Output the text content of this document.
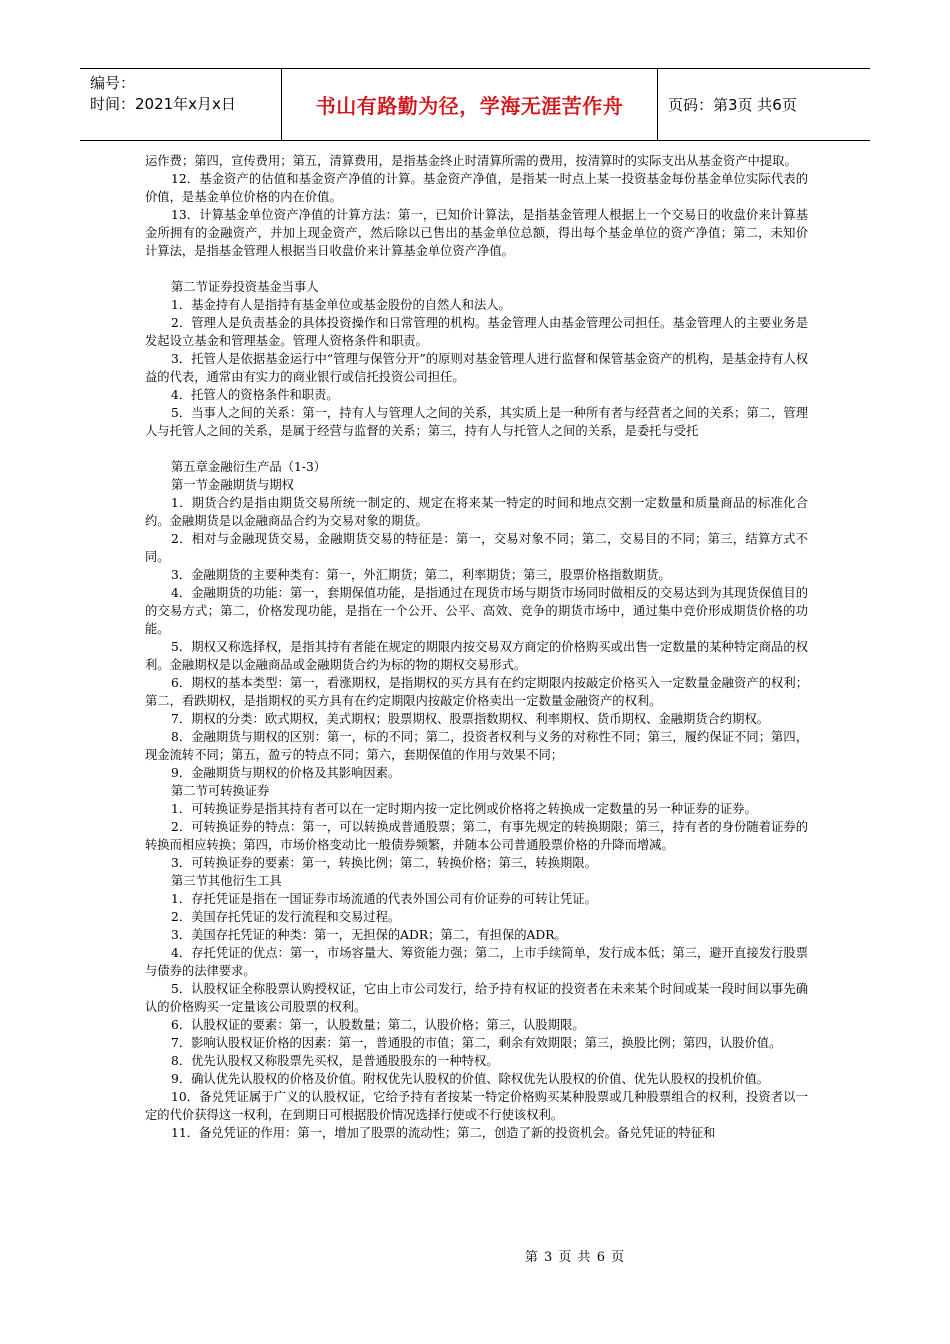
编号：
时间：2021年x月x日	书山有路勤为径，学海无涯苦作舟	页码：第3页 共6页

运作费；第四，宣传费用；第五，清算费用，是指基金终止时清算所需的费用，按清算时的实际支出从基金资产中提取。

12．基金资产的估值和基金资产净值的计算。基金资产净值，是指某一时点上某一投资基金每份基金单位实际代表的价值，是基金单位价格的内在价值。

13．计算基金单位资产净值的计算方法：第一，已知价计算法，是指基金管理人根据上一个交易日的收盘价来计算基金所拥有的金融资产，并加上现金资产，然后除以已售出的基金单位总额，得出每个基金单位的资产净值；第二，未知价计算法，是指基金管理人根据当日收盘价来计算基金单位资产净值。

第二节证券投资基金当事人

1．基金持有人是指持有基金单位或基金股份的自然人和法人。

2．管理人是负责基金的具体投资操作和日常管理的机构。基金管理人由基金管理公司担任。基金管理人的主要业务是发起设立基金和管理基金。管理人资格条件和职责。

3．托管人是依据基金运行中“管理与保管分开”的原则对基金管理人进行监督和保管基金资产的机构，是基金持有人权益的代表，通常由有实力的商业银行或信托投资公司担任。

4．托管人的资格条件和职责。

5．当事人之间的关系：第一，持有人与管理人之间的关系，其实质上是一种所有者与经营者之间的关系；第二，管理人与托管人之间的关系，是属于经营与监督的关系；第三，持有人与托管人之间的关系，是委托与受托

第五章金融衍生产品（1-3）

第一节金融期货与期权

1．期货合约是指由期货交易所统一制定的、规定在将来某一特定的时间和地点交割一定数量和质量商品的标准化合约。金融期货是以金融商品合约为交易对象的期货。

2．相对与金融现货交易，金融期货交易的特征是：第一，交易对象不同；第二，交易目的不同；第三，结算方式不同。

3．金融期货的主要种类有：第一，外汇期货；第二，利率期货；第三，股票价格指数期货。

4．金融期货的功能：第一，套期保值功能，是指通过在现货市场与期货市场同时做相反的交易达到为其现货保值目的的交易方式；第二，价格发现功能，是指在一个公开、公平、高效、竞争的期货市场中，通过集中竞价形成期货价格的功能。

5．期权又称选择权，是指其持有者能在规定的期限内按交易双方商定的价格购买或出售一定数量的某种特定商品的权利。金融期权是以金融商品或金融期货合约为标的物的期权交易形式。

6．期权的基本类型：第一，看涨期权，是指期权的买方具有在约定期限内按敲定价格买入一定数量金融资产的权利；第二，看跌期权，是指期权的买方具有在约定期限内按敲定价格卖出一定数量金融资产的权利。

7．期权的分类：欧式期权，美式期权；股票期权、股票指数期权、利率期权、货币期权、金融期货合约期权。

8．金融期货与期权的区别：第一，标的不同；第二，投资者权利与义务的对称性不同；第三，履约保证不同；第四，现金流转不同；第五，盈亏的特点不同；第六，套期保值的作用与效果不同；

9．金融期货与期权的价格及其影响因素。

第二节可转换证券

1．可转换证券是指其持有者可以在一定时期内按一定比例或价格将之转换成一定数量的另一种证券的证券。

2．可转换证券的特点：第一，可以转换成普通股票；第二，有事先规定的转换期限；第三，持有者的身份随着证券的转换而相应转换；第四，市场价格变动比一般债券频繁，并随本公司普通股票价格的升降而增减。

3．可转换证券的要素：第一，转换比例；第二，转换价格；第三，转换期限。

第三节其他衍生工具

1．存托凭证是指在一国证券市场流通的代表外国公司有价证券的可转让凭证。

2．美国存托凭证的发行流程和交易过程。

3．美国存托凭证的种类：第一，无担保的ADR；第二，有担保的ADR。

4．存托凭证的优点：第一，市场容量大、筹资能力强；第二，上市手续简单，发行成本低；第三，避开直接发行股票与债券的法律要求。

5．认股权证全称股票认购授权证，它由上市公司发行，给予持有权证的投资者在未来某个时间或某一段时间以事先确认的价格购买一定量该公司股票的权利。

6．认股权证的要素：第一，认股数量；第二，认股价格；第三，认股期限。

7．影响认股权证价格的因素：第一，普通股的市值；第二，剩余有效期限；第三，换股比例；第四，认股价值。

8．优先认股权又称股票先买权，是普通股股东的一种特权。

9．确认优先认股权的价格及价值。附权优先认股权的价值、除权优先认股权的价值、优先认股权的投机价值。

10．备兑凭证属于广义的认股权证，它给予持有者按某一特定价格购买某种股票或几种股票组合的权利，投资者以一定的代价获得这一权利，在到期日可根据股价情况选择行使或不行使该权利。

11．备兑凭证的作用：第一，增加了股票的流动性；第二，创造了新的投资机会。备兑凭证的特征和

第 3 页 共 6 页
